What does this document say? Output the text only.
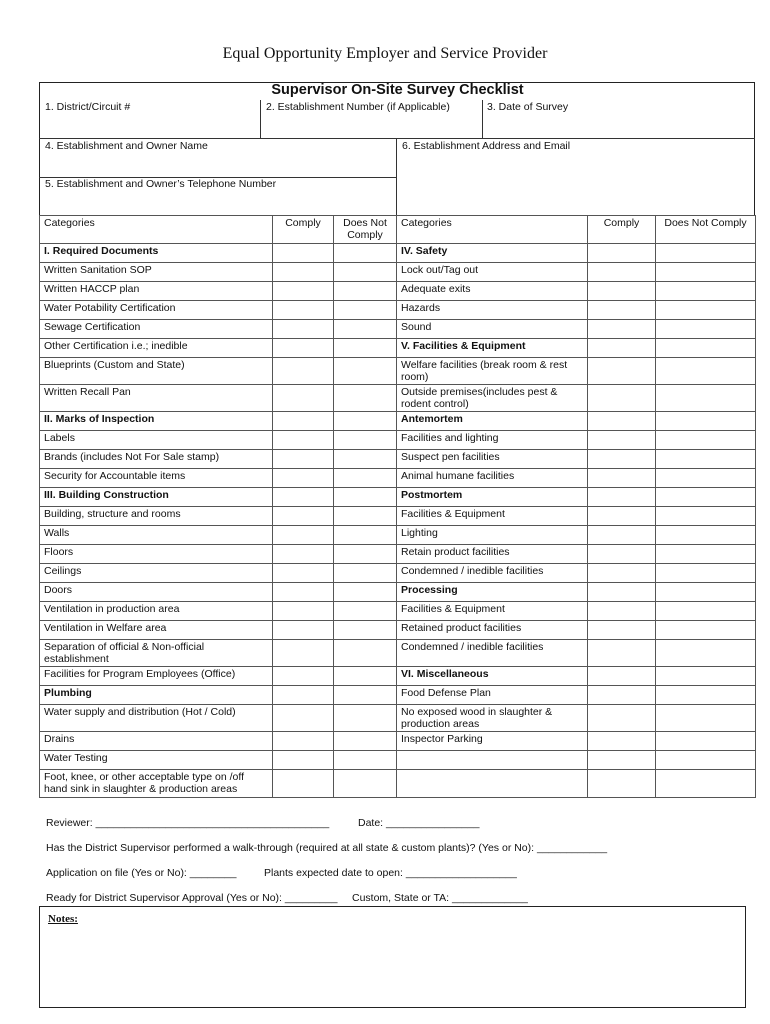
Equal Opportunity Employer and Service Provider
Supervisor On-Site Survey Checklist
1. District/Circuit #	2. Establishment Number (if Applicable)	3. Date of Survey
4. Establishment and Owner Name	6. Establishment Address and Email
5. Establishment and Owner’s Telephone Number
Categories	Comply	Does Not Comply	Categories	Comply	Does Not Comply
I. Required Documents			IV. Safety		
Written Sanitation SOP			Lock out/Tag out		
Written HACCP plan			Adequate exits		
Water Potability Certification			Hazards		
Sewage Certification			Sound		
Other Certification i.e.; inedible			V. Facilities & Equipment		
Blueprints (Custom and State)			Welfare facilities (break room & rest room)		
Written Recall Pan			Outside premises(includes pest & rodent control)		
II. Marks of Inspection			Antemortem		
Labels			Facilities and lighting		
Brands (includes Not For Sale stamp)			Suspect pen facilities		
Security for Accountable items			Animal humane facilities		
III. Building Construction			Postmortem		
Building, structure and rooms			Facilities & Equipment		
Walls			Lighting		
Floors			Retain product facilities		
Ceilings			Condemned / inedible facilities		
Doors			Processing		
Ventilation in production area			Facilities & Equipment		
Ventilation in Welfare area			Retained product facilities		
Separation of official & Non-official establishment			Condemned / inedible facilities		
Facilities for Program Employees (Office)			VI. Miscellaneous		
Plumbing			Food Defense Plan		
Water supply and distribution (Hot / Cold)			No exposed wood in slaughter & production areas		
Drains			Inspector Parking		
Water Testing					
Foot, knee, or other acceptable type on /off hand sink in slaughter & production areas					
Reviewer: ________________________________________	Date: ________________
Has the District Supervisor performed a walk-through (required at all state & custom plants)? (Yes or No): ____________
Application on file (Yes or No): ________	Plants expected date to open: ___________________
Ready for District Supervisor Approval (Yes or No): _________ Custom, State or TA: _____________
Notes:
